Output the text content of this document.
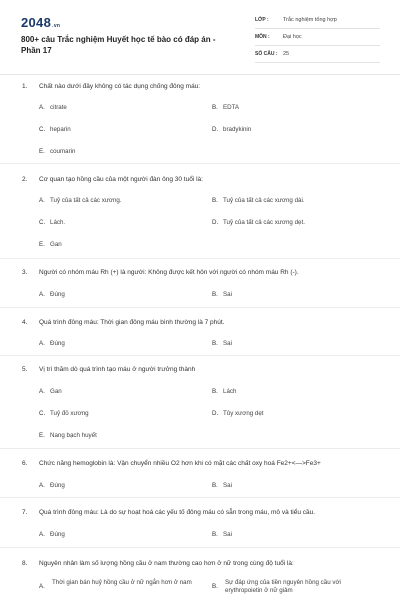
2048.vn
800+ câu Trắc nghiệm Huyết học tế bào có đáp án - Phần 17
LỚP :	Trắc nghiệm tổng hợp
MÔN : Đại học
SỐ CÂU : 25
1. Chất nào dưới đây không có tác dụng chống đông máu:
A. citrate	B. EDTA
C. heparin	D. bradykinin
E. coumarin
2. Cơ quan tạo hồng cầu của một người đàn ông 30 tuổi là:
A. Tuỷ của tất cả các xương.	B. Tuỷ của tất cả các xương dài.
C. Lách.	D. Tuỷ của tất cả các xương dẹt.
E. Gan
3. Người có nhóm máu Rh (+) là người: Không được kết hôn với người có nhóm máu Rh (-).
A. Đúng	B. Sai
4. Quá trình đông máu: Thời gian đông máu bình thường là 7 phút.
A. Đúng	B. Sai
5. Vị trí thăm dò quá trình tạo máu ở người trưởng thành
A. Gan	B. Lách
C. Tuỷ đỏ xương	D. Tủy xương dẹt
E. Nang bạch huyết
6. Chức năng hemoglobin là: Vận chuyển nhiều O2 hơn khi có mặt các chất oxy hoá Fe2+<—>Fe3+
A. Đúng	B. Sai
7. Quá trình đông máu: Là do sự hoạt hoá các yếu tố đông máu có sẵn trong máu, mô và tiểu cầu.
A. Đúng	B. Sai
8. Nguyên nhân làm số lượng hồng cầu ở nam thường cao hơn ở nữ trong cùng độ tuổi là:
A.
Thời gian bán huỷ hồng cầu ở nữ ngắn hơn ở nam
B.
Sự đáp ứng của tiền nguyên hồng cầu với erythropoietin ở nữ giảm
